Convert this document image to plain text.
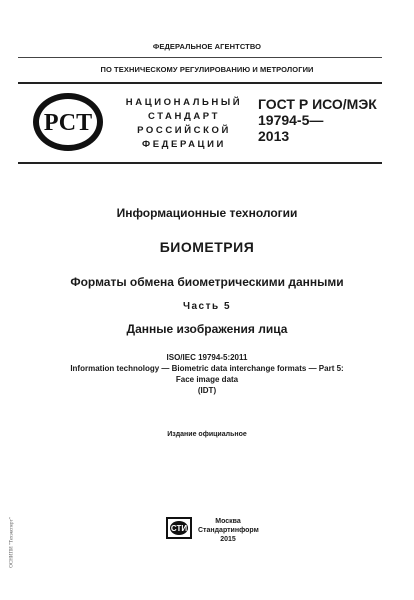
ФЕДЕРАЛЬНОЕ АГЕНТСТВО
ПО ТЕХНИЧЕСКОМУ РЕГУЛИРОВАНИЮ И МЕТРОЛОГИИ
РСТ
НАЦИОНАЛЬНЫЙ
СТАНДАРТ
РОССИЙСКОЙ
ФЕДЕРАЦИИ
ГОСТ Р ИСО/МЭК
19794-5—
2013
Информационные технологии
БИОМЕТРИЯ
Форматы обмена биометрическими данными
Часть 5
Данные изображения лица
ISO/IEC 19794-5:2011
Information technology — Biometric data interchange formats — Part 5:
Face image data
(IDT)
Издание официальное
СТИ
Москва
Стандартинформ
2015
ОСНИПИ "Техэксперт"
